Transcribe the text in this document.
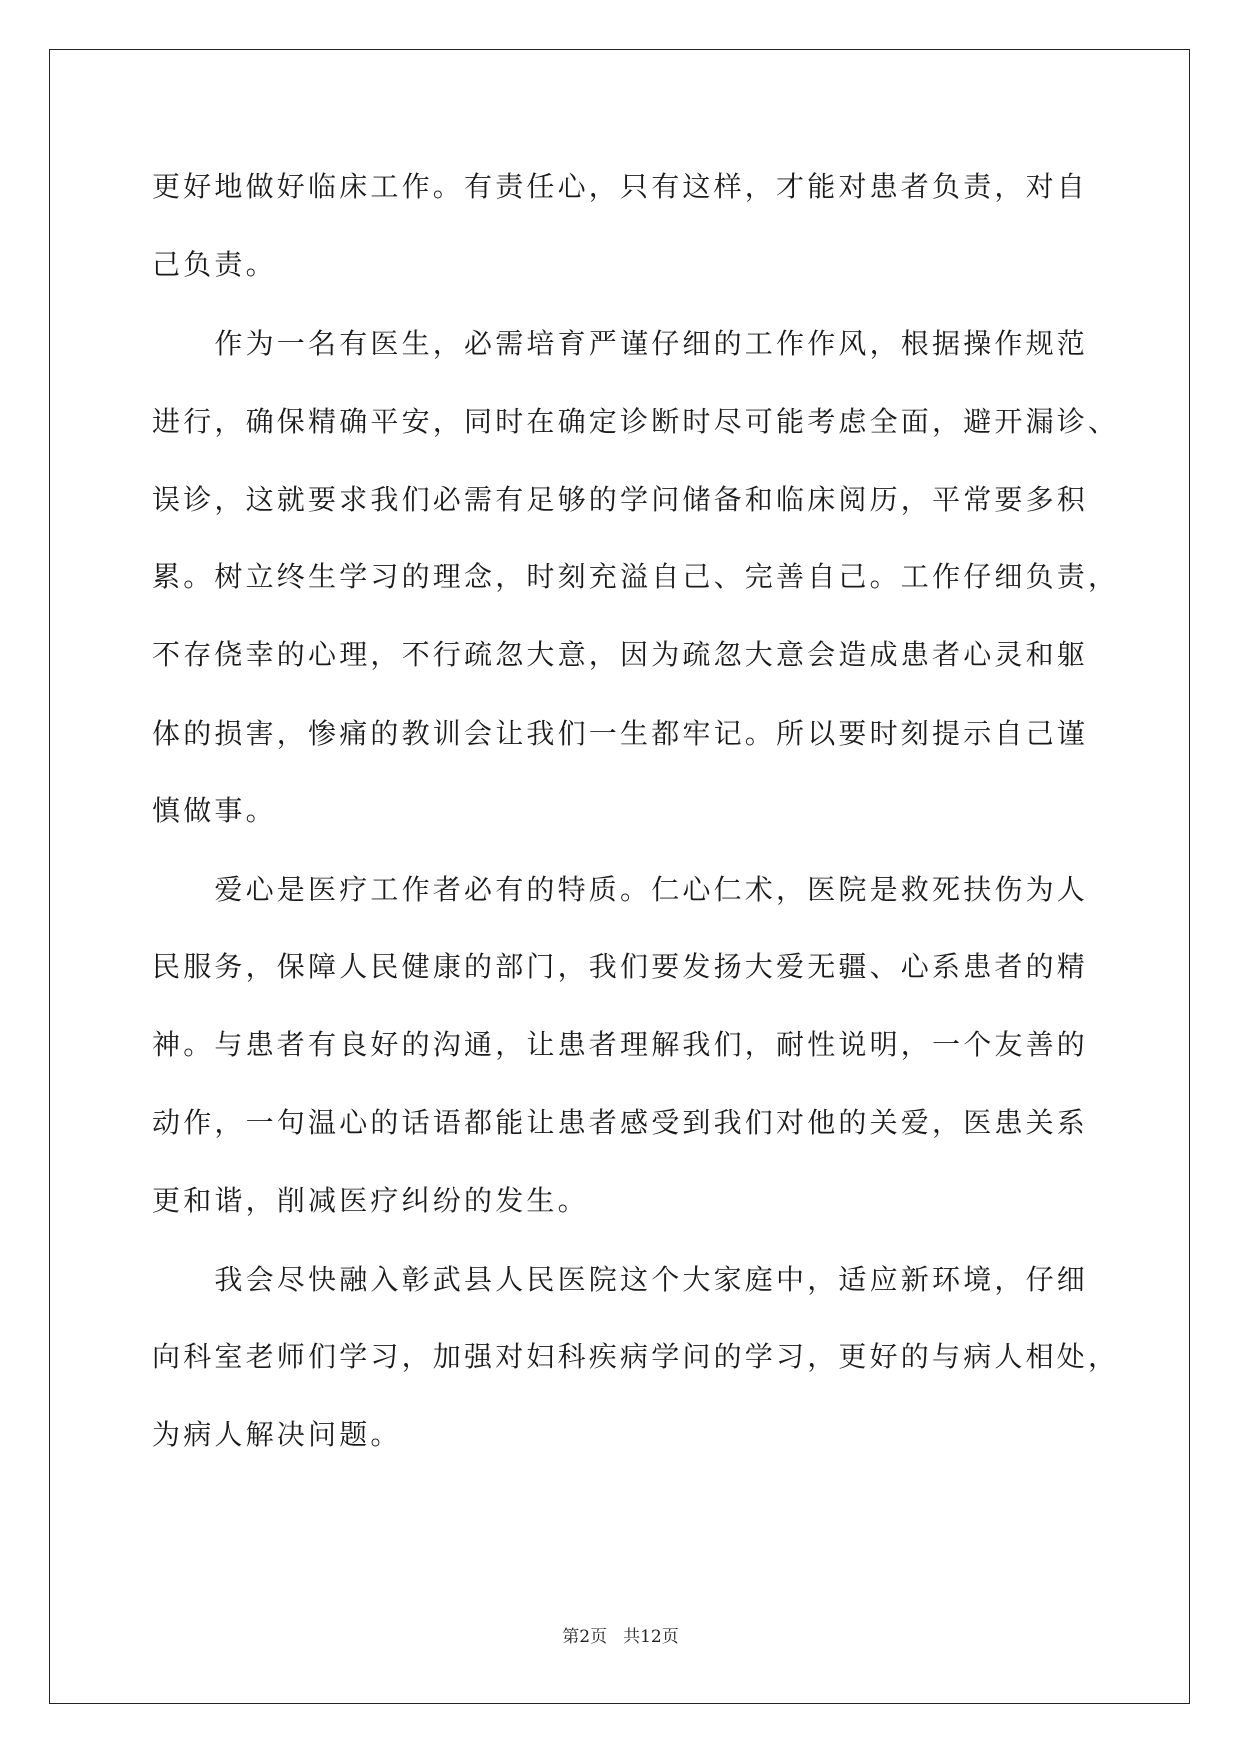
更好地做好临床工作。有责任心，只有这样，才能对患者负责，对自
己负责。
　　作为一名有医生，必需培育严谨仔细的工作作风，根据操作规范
进行，确保精确平安，同时在确定诊断时尽可能考虑全面，避开漏诊、
误诊，这就要求我们必需有足够的学问储备和临床阅历，平常要多积
累。树立终生学习的理念，时刻充溢自己、完善自己。工作仔细负责，
不存侥幸的心理，不行疏忽大意，因为疏忽大意会造成患者心灵和躯
体的损害，惨痛的教训会让我们一生都牢记。所以要时刻提示自己谨
慎做事。
　　爱心是医疗工作者必有的特质。仁心仁术，医院是救死扶伤为人
民服务，保障人民健康的部门，我们要发扬大爱无疆、心系患者的精
神。与患者有良好的沟通，让患者理解我们，耐性说明，一个友善的
动作，一句温心的话语都能让患者感受到我们对他的关爱，医患关系
更和谐，削减医疗纠纷的发生。
　　我会尽快融入彰武县人民医院这个大家庭中，适应新环境，仔细
向科室老师们学习，加强对妇科疾病学问的学习，更好的与病人相处，
为病人解决问题。
第2页 共12页
